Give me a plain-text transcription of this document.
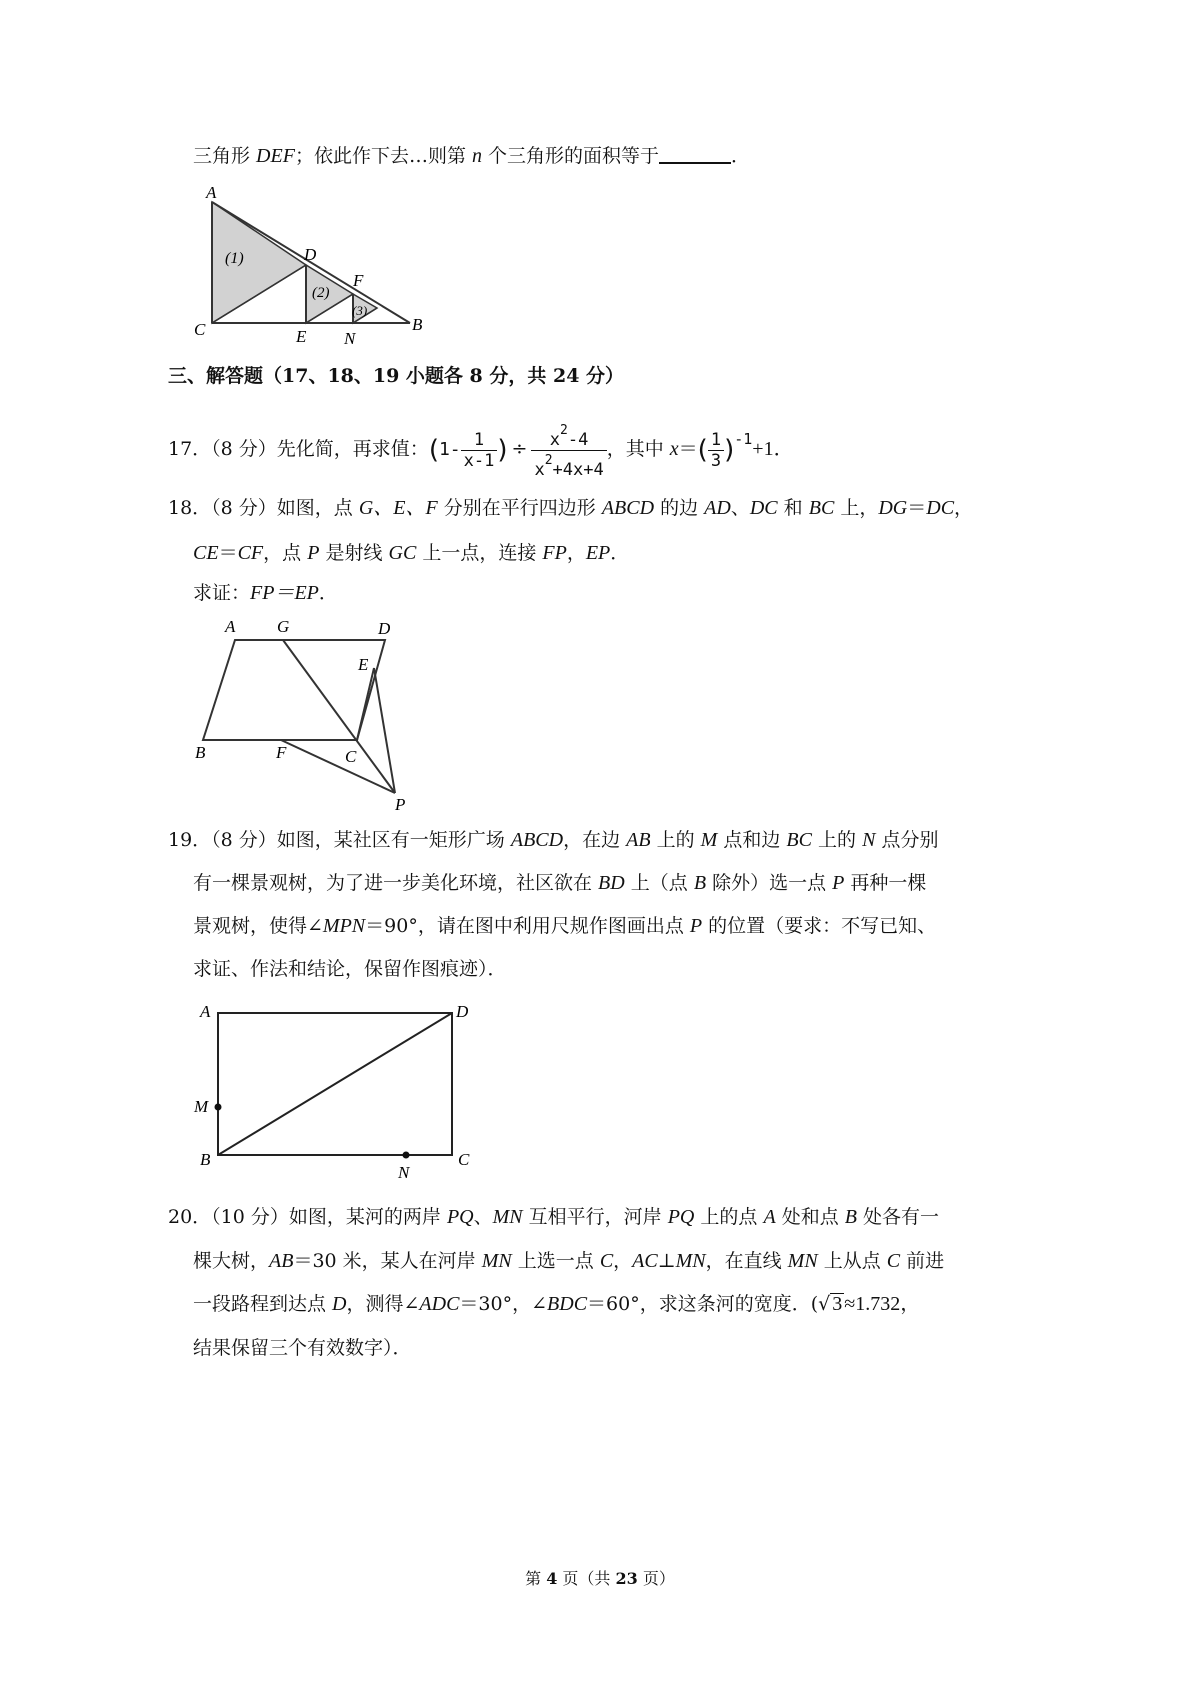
三角形 DEF；依此作下去…则第 n 个三角形的面积等于	．
A
C
D
F
E N
B
(1)
(2)
(3)
三、解答题（17、18、19 小题各 8 分，共 24 分）
17．（8 分）先化简，再求值：($1- \frac{1}{x-1}$ ) ÷ $\frac{x^2-4}{x^2+4x+4}$ ，其中 $x=( \frac{1}{3} )^{-1}+1$．
18．（8 分）如图，点 G、E、F 分别在平行四边形 ABCD 的边 AD、DC 和 BC 上，DG＝DC，
CE＝CF，点 P 是射线 GC 上一点，连接 FP，EP．
求证：FP＝EP．
A G	D
E
B	F	C
P
19．（8 分）如图，某社区有一矩形广场 ABCD，在边 AB 上的 M 点和边 BC 上的 N 点分别
有一棵景观树，为了进一步美化环境，社区欲在 BD 上（点 B 除外）选一点 P 再种一棵
景观树，使得∠MPN＝90°，请在图中利用尺规作图画出点 P 的位置（要求：不写已知、
求证、作法和结论，保留作图痕迹）．
A	D
M
B
N
C
20．（10 分）如图，某河的两岸 PQ、MN 互相平行，河岸 PQ 上的点 A 处和点 B 处各有一
棵大树，AB＝30 米，某人在河岸 MN 上选一点 C，AC⊥MN，在直线 MN 上从点 C 前进
一段路程到达点 D，测得∠ADC＝30°，∠BDC＝60°，求这条河的宽度．(√ 3 ≈1.732，
结果保留三个有效数字）．
第 4 页（共 23 页）
